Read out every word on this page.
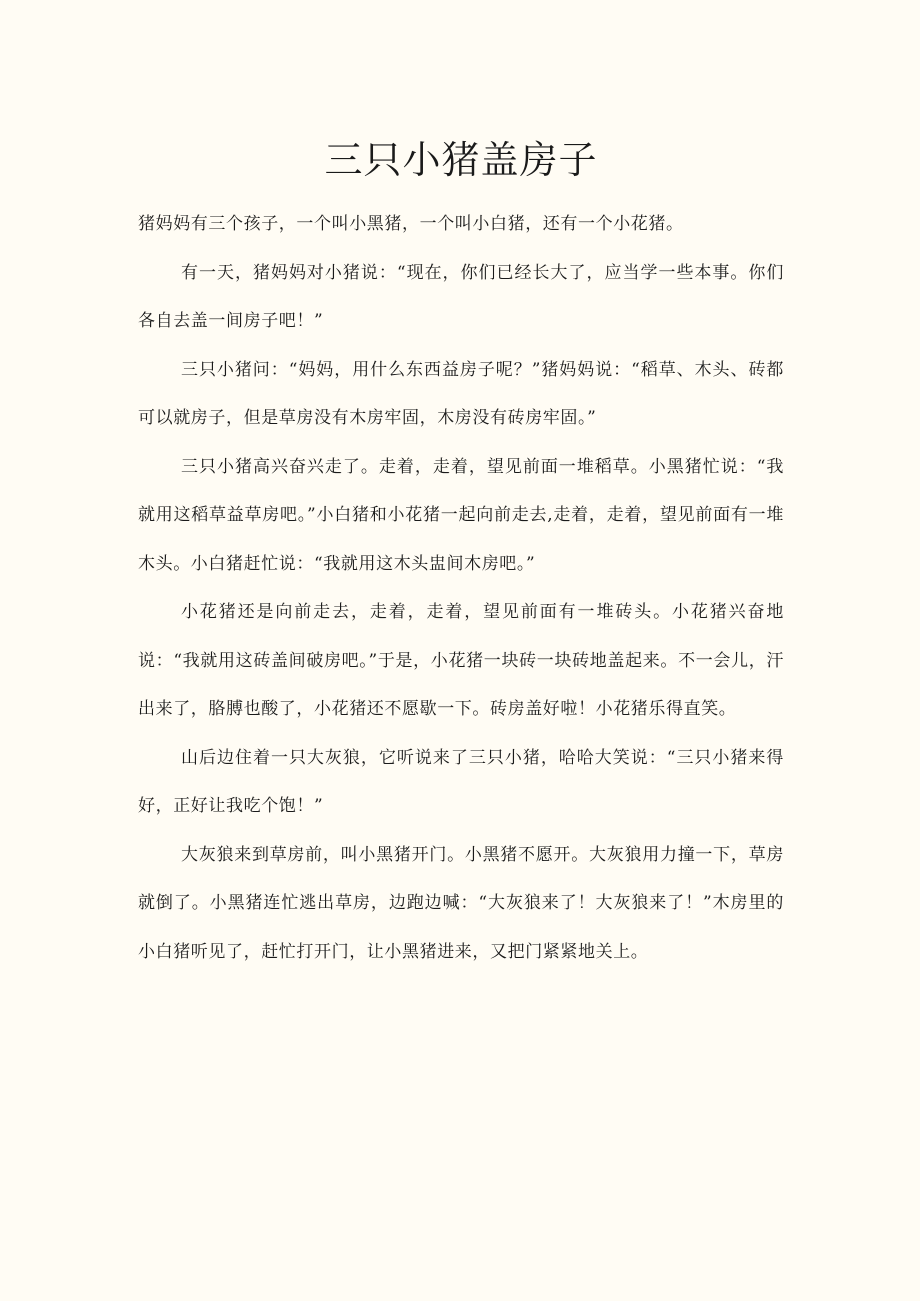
三只小猪盖房子

猪妈妈有三个孩子，一个叫小黑猪，一个叫小白猪，还有一个小花猪。

有一天，猪妈妈对小猪说：“现在，你们已经长大了，应当学一些本事。你们各自去盖一间房子吧！”

三只小猪问：“妈妈，用什么东西益房子呢？”猪妈妈说：“稻草、木头、砖都可以就房子，但是草房没有木房牢固，木房没有砖房牢固。”

三只小猪高兴奋兴走了。走着，走着，望见前面一堆稻草。小黑猪忙说：“我就用这稻草益草房吧。”小白猪和小花猪一起向前走去,走着，走着，望见前面有一堆木头。小白猪赶忙说：“我就用这木头盅间木房吧。”

小花猪还是向前走去，走着，走着，望见前面有一堆砖头。小花猪兴奋地说：“我就用这砖盖间破房吧。”于是，小花猪一块砖一块砖地盖起来。不一会儿，汗出来了，胳膊也酸了，小花猪还不愿歇一下。砖房盖好啦！小花猪乐得直笑。

山后边住着一只大灰狼，它听说来了三只小猪，哈哈大笑说：“三只小猪来得好，正好让我吃个饱！”

大灰狼来到草房前，叫小黑猪开门。小黑猪不愿开。大灰狼用力撞一下，草房就倒了。小黑猪连忙逃出草房，边跑边喊：“大灰狼来了！大灰狼来了！”木房里的小白猪听见了，赶忙打开门，让小黑猪进来，又把门紧紧地关上。
